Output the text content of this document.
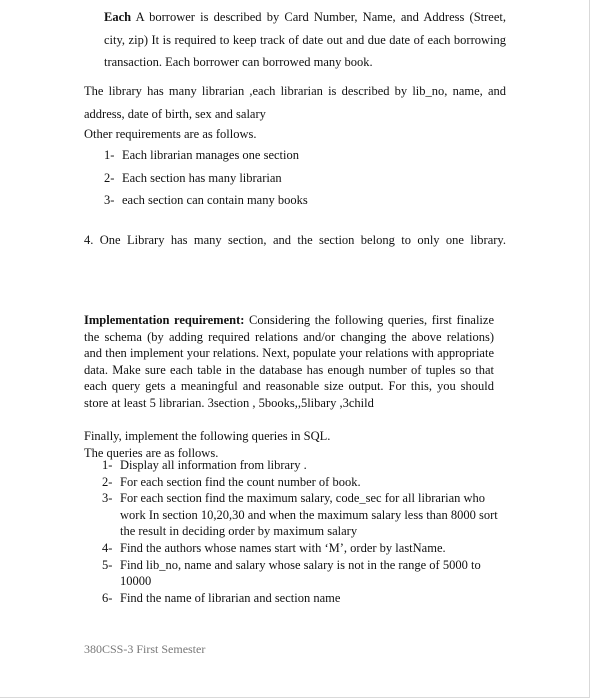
Each A borrower is described by Card Number, Name, and Address (Street, city, zip) It is required to keep track of date out and due date of each borrowing transaction. Each borrower can borrowed many book.
The library has many librarian ,each librarian is described by lib_no, name, and address, date of birth, sex and salary
Other requirements are as follows.
1- Each librarian manages one section
2- Each section has many librarian
3- each section can contain many books
4. One Library has many section, and the section belong to only one library.
Implementation requirement: Considering the following queries, first finalize the schema (by adding required relations and/or changing the above relations) and then implement your relations. Next, populate your relations with appropriate data. Make sure each table in the database has enough number of tuples so that each query gets a meaningful and reasonable size output. For this, you should store at least 5 librarian. 3section , 5books,,5libary ,3child
Finally, implement the following queries in SQL.
The queries are as follows.
1- Display all information from library .
2- For each section find the count number of book.
3- For each section find the maximum salary, code_sec for all librarian who work In section 10,20,30 and when the maximum salary less than 8000 sort the result in deciding order by maximum salary
4- Find the authors whose names start with ‘M’, order by lastName.
5- Find lib_no, name and salary whose salary is not in the range of 5000 to 10000
6- Find the name of librarian and section name
380CSS-3 First Semester
